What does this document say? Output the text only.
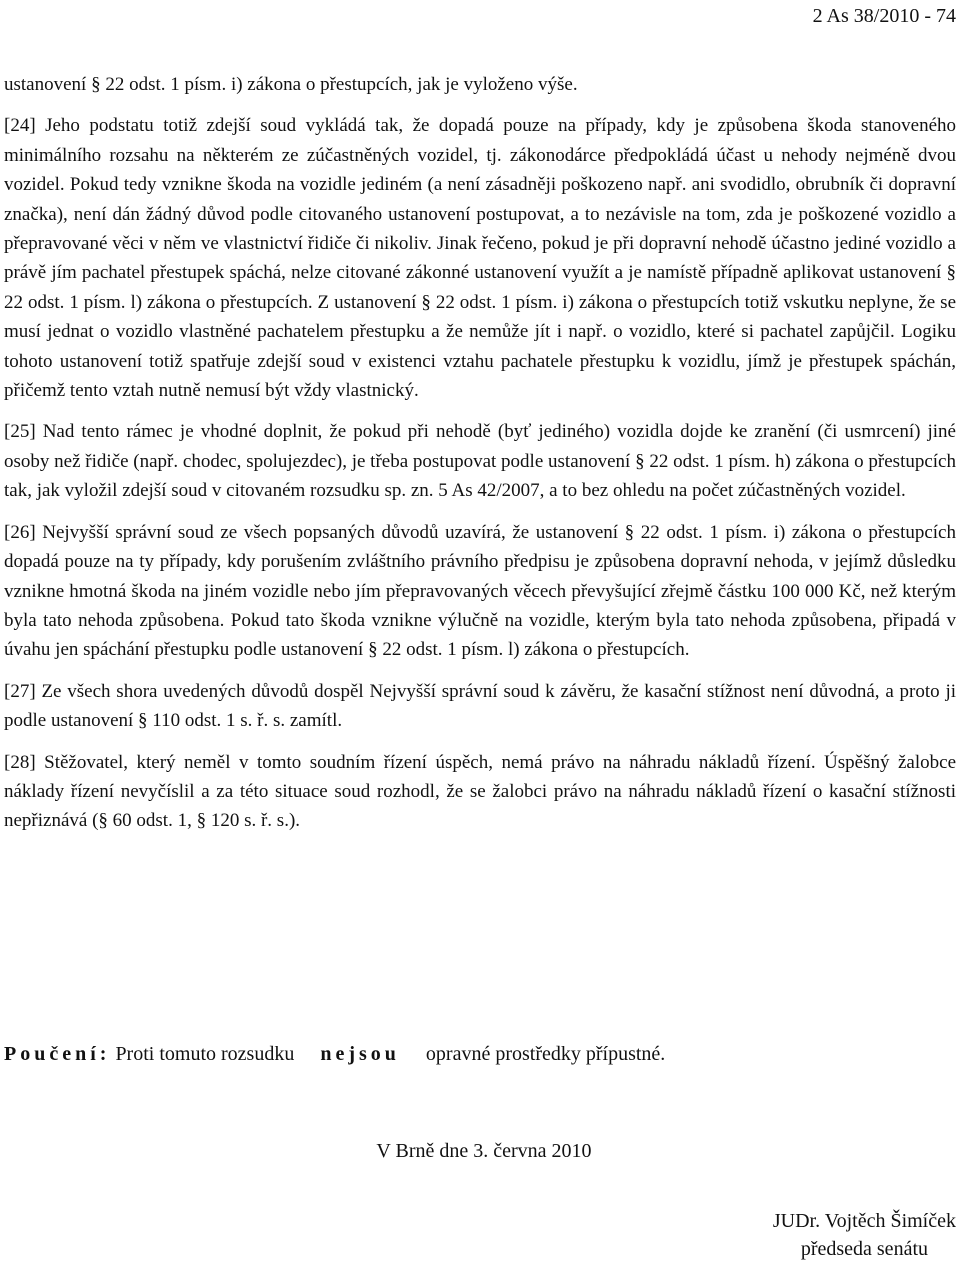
2 As 38/2010 - 74

ustanovení § 22 odst. 1 písm. i) zákona o přestupcích, jak je vyloženo výše.

[24] Jeho podstatu totiž zdejší soud vykládá tak, že dopadá pouze na případy, kdy je způsobena škoda stanoveného minimálního rozsahu na některém ze zúčastněných vozidel, tj. zákonodárce předpokládá účast u nehody nejméně dvou vozidel. Pokud tedy vznikne škoda na vozidle jediném (a není zásadněji poškozeno např. ani svodidlo, obrubník či dopravní značka), není dán žádný důvod podle citovaného ustanovení postupovat, a to nezávisle na tom, zda je poškozené vozidlo a přepravované věci v něm ve vlastnictví řidiče či nikoliv. Jinak řečeno, pokud je při dopravní nehodě účastno jediné vozidlo a právě jím pachatel přestupek spáchá, nelze citované zákonné ustanovení využít a je namístě případně aplikovat ustanovení § 22 odst. 1 písm. l) zákona o přestupcích. Z ustanovení § 22 odst. 1 písm. i) zákona o přestupcích totiž vskutku neplyne, že se musí jednat o vozidlo vlastněné pachatelem přestupku a že nemůže jít i např. o vozidlo, které si pachatel zapůjčil. Logiku tohoto ustanovení totiž spatřuje zdejší soud v existenci vztahu pachatele přestupku k vozidlu, jímž je přestupek spáchán, přičemž tento vztah nutně nemusí být vždy vlastnický.

[25] Nad tento rámec je vhodné doplnit, že pokud při nehodě (byť jediného) vozidla dojde ke zranění (či usmrcení) jiné osoby než řidiče (např. chodec, spolujezdec), je třeba postupovat podle ustanovení § 22 odst. 1 písm. h) zákona o přestupcích tak, jak vyložil zdejší soud v citovaném rozsudku sp. zn. 5 As 42/2007, a to bez ohledu na počet zúčastněných vozidel.

[26] Nejvyšší správní soud ze všech popsaných důvodů uzavírá, že ustanovení § 22 odst. 1 písm. i) zákona o přestupcích dopadá pouze na ty případy, kdy porušením zvláštního právního předpisu je způsobena dopravní nehoda, v jejímž důsledku vznikne hmotná škoda na jiném vozidle nebo jím přepravovaných věcech převyšující zřejmě částku 100 000 Kč, než kterým byla tato nehoda způsobena. Pokud tato škoda vznikne výlučně na vozidle, kterým byla tato nehoda způsobena, připadá v úvahu jen spáchání přestupku podle ustanovení § 22 odst. 1 písm. l) zákona o přestupcích.

[27] Ze všech shora uvedených důvodů dospěl Nejvyšší správní soud k závěru, že kasační stížnost není důvodná, a proto ji podle ustanovení § 110 odst. 1 s. ř. s. zamítl.

[28] Stěžovatel, který neměl v tomto soudním řízení úspěch, nemá právo na náhradu nákladů řízení. Úspěšný žalobce náklady řízení nevyčíslil a za této situace soud rozhodl, že se žalobci právo na náhradu nákladů řízení o kasační stížnosti nepřiznává (§ 60 odst. 1, § 120 s. ř. s.).

Poučení: Proti tomuto rozsudku nejsou opravné prostředky přípustné.
V Brně dne 3. června 2010
JUDr. Vojtěch Šimíček
předseda senátu
